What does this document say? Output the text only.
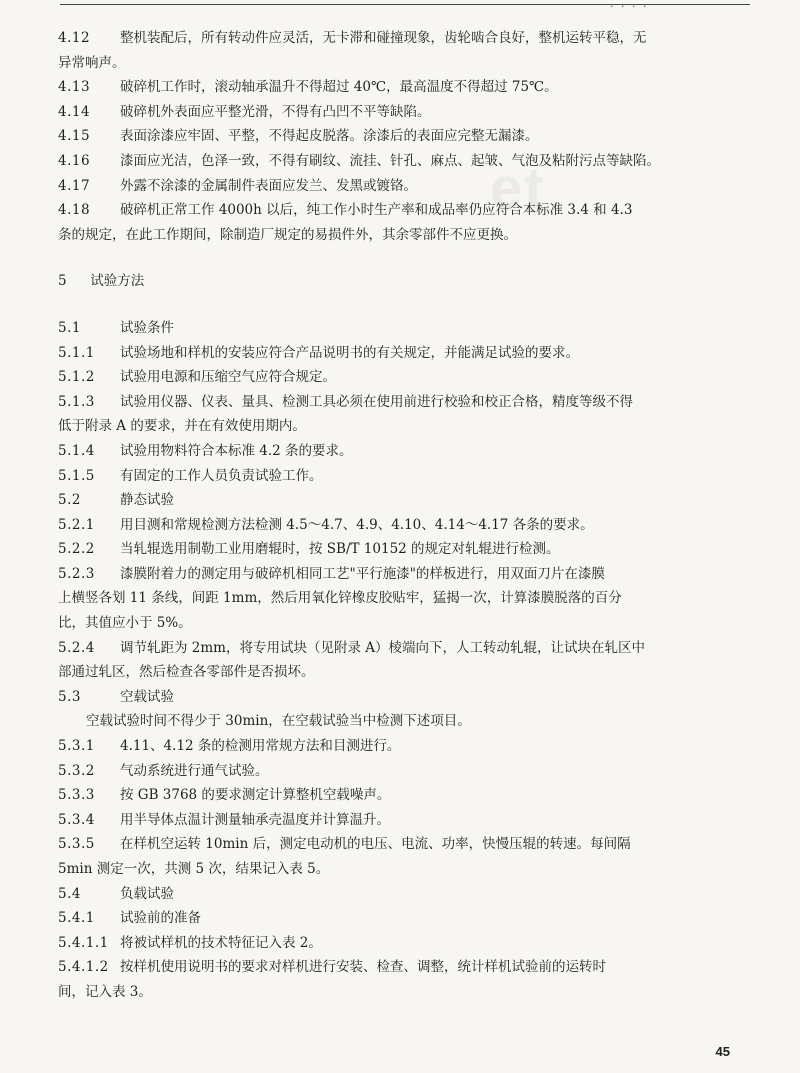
· · · ·
et
4.12 整机装配后，所有转动件应灵活，无卡滞和碰撞现象，齿轮啮合良好，整机运转平稳，无
异常响声。
4.13 破碎机工作时，滚动轴承温升不得超过 40℃，最高温度不得超过 75℃。
4.14 破碎机外表面应平整光滑，不得有凸凹不平等缺陷。
4.15 表面涂漆应牢固、平整，不得起皮脱落。涂漆后的表面应完整无漏漆。
4.16 漆面应光洁，色泽一致，不得有刷纹、流挂、针孔、麻点、起皱、气泡及粘附污点等缺陷。
4.17 外露不涂漆的金属制件表面应发兰、发黑或镀铬。
4.18 破碎机正常工作 4000h 以后，纯工作小时生产率和成品率仍应符合本标准 3.4 和 4.3
条的规定，在此工作期间，除制造厂规定的易损件外，其余零部件不应更换。
5 试验方法
5.1	试验条件
5.1.1 试验场地和样机的安装应符合产品说明书的有关规定，并能满足试验的要求。
5.1.2 试验用电源和压缩空气应符合规定。
5.1.3 试验用仪器、仪表、量具、检测工具必须在使用前进行校验和校正合格，精度等级不得
低于附录 A 的要求，并在有效使用期内。
5.1.4 试验用物料符合本标准 4.2 条的要求。
5.1.5 有固定的工作人员负责试验工作。
5.2	静态试验
5.2.1 用目测和常规检测方法检测 4.5～4.7、4.9、4.10、4.14～4.17 各条的要求。
5.2.2 当轧辊选用制勒工业用磨辊时，按 SB/T 10152 的规定对轧辊进行检测。
5.2.3 漆膜附着力的测定用与破碎机相同工艺"平行施漆"的样板进行，用双面刀片在漆膜
上横竖各划 11 条线，间距 1mm，然后用氧化锌橡皮胶贴牢，猛揭一次，计算漆膜脱落的百分
比，其值应小于 5%。
5.2.4 调节轧距为 2mm，将专用试块（见附录 A）棱端向下，人工转动轧辊，让试块在轧区中
部通过轧区，然后检查各零部件是否损坏。
5.3	空载试验
空载试验时间不得少于 30min，在空载试验当中检测下述项目。
5.3.1 4.11、4.12 条的检测用常规方法和目测进行。
5.3.2 气动系统进行通气试验。
5.3.3 按 GB 3768 的要求测定计算整机空载噪声。
5.3.4 用半导体点温计测量轴承壳温度并计算温升。
5.3.5 在样机空运转 10min 后，测定电动机的电压、电流、功率，快慢压辊的转速。每间隔
5min 测定一次，共测 5 次，结果记入表 5。
5.4	负载试验
5.4.1 试验前的准备
5.4.1.1 将被试样机的技术特征记入表 2。
5.4.1.2 按样机使用说明书的要求对样机进行安装、检查、调整，统计样机试验前的运转时
间，记入表 3。
45
